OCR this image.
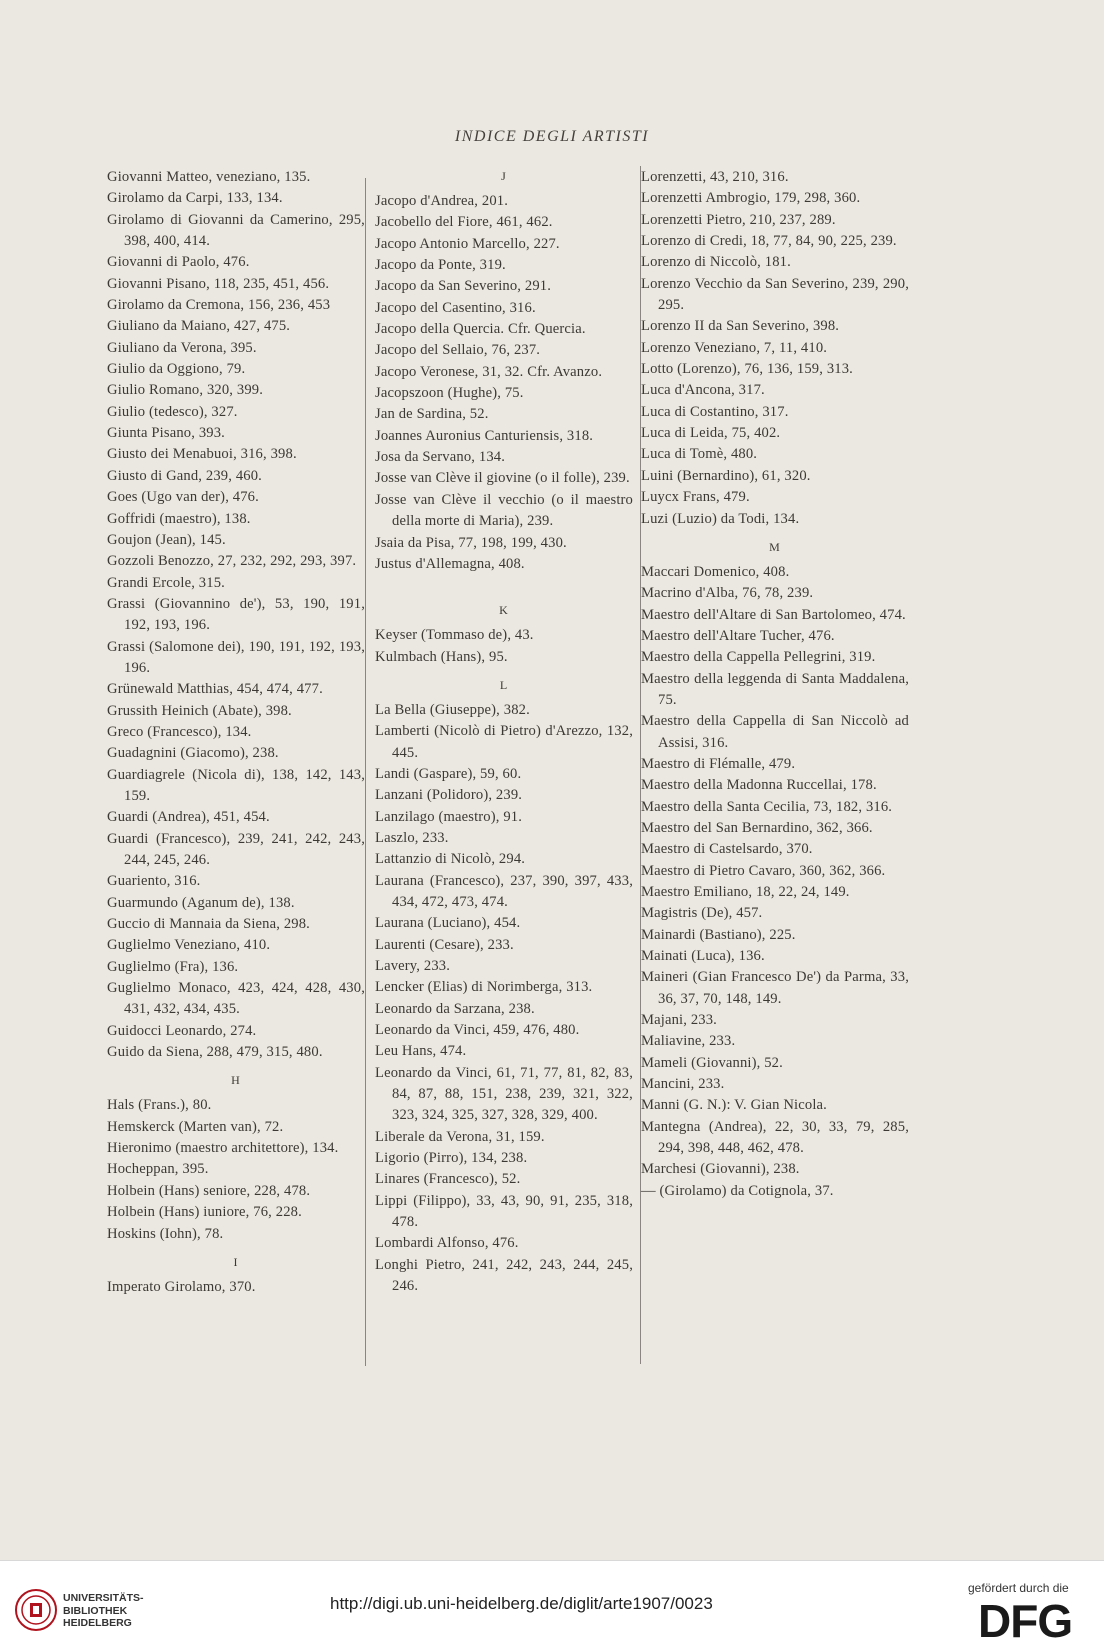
INDICE DEGLI ARTISTI
Giovanni Matteo, veneziano, 135.
Girolamo da Carpi, 133, 134.
Girolamo di Giovanni da Camerino, 295, 398, 400, 414.
Giovanni di Paolo, 476.
Giovanni Pisano, 118, 235, 451, 456.
Girolamo da Cremona, 156, 236, 453
Giuliano da Maiano, 427, 475.
Giuliano da Verona, 395.
Giulio da Oggiono, 79.
Giulio Romano, 320, 399.
Giulio (tedesco), 327.
Giunta Pisano, 393.
Giusto dei Menabuoi, 316, 398.
Giusto di Gand, 239, 460.
Goes (Ugo van der), 476.
Goffridi (maestro), 138.
Goujon (Jean), 145.
Gozzoli Benozzo, 27, 232, 292, 293, 397.
Grandi Ercole, 315.
Grassi (Giovannino de'), 53, 190, 191, 192, 193, 196.
Grassi (Salomone dei), 190, 191, 192, 193, 196.
Grünewald Matthias, 454, 474, 477.
Grussith Heinich (Abate), 398.
Greco (Francesco), 134.
Guadagnini (Giacomo), 238.
Guardiagrele (Nicola di), 138, 142, 143, 159.
Guardi (Andrea), 451, 454.
Guardi (Francesco), 239, 241, 242, 243, 244, 245, 246.
Guariento, 316.
Guarmundo (Aganum de), 138.
Guccio di Mannaia da Siena, 298.
Guglielmo Veneziano, 410.
Guglielmo (Fra), 136.
Guglielmo Monaco, 423, 424, 428, 430, 431, 432, 434, 435.
Guidocci Leonardo, 274.
Guido da Siena, 288, 479, 315, 480.
H
Hals (Frans.), 80.
Hemskerck (Marten van), 72.
Hieronimo (maestro architettore), 134.
Hocheppan, 395.
Holbein (Hans) seniore, 228, 478.
Holbein (Hans) iuniore, 76, 228.
Hoskins (Iohn), 78.
I
Imperato Girolamo, 370.
J
Jacopo d'Andrea, 201.
Jacobello del Fiore, 461, 462.
Jacopo Antonio Marcello, 227.
Jacopo da Ponte, 319.
Jacopo da San Severino, 291.
Jacopo del Casentino, 316.
Jacopo della Quercia. Cfr. Quercia.
Jacopo del Sellaio, 76, 237.
Jacopo Veronese, 31, 32. Cfr. Avanzo.
Jacopszoon (Hughe), 75.
Jan de Sardina, 52.
Joannes Auronius Canturiensis, 318.
Josa da Servano, 134.
Josse van Clève il giovine (o il folle), 239.
Josse van Clève il vecchio (o il maestro della morte di Maria), 239.
Jsaia da Pisa, 77, 198, 199, 430.
Justus d'Allemagna, 408.
K
Keyser (Tommaso de), 43.
Kulmbach (Hans), 95.
L
La Bella (Giuseppe), 382.
Lamberti (Nicolò di Pietro) d'Arezzo, 132, 445.
Landi (Gaspare), 59, 60.
Lanzani (Polidoro), 239.
Lanzilago (maestro), 91.
Laszlo, 233.
Lattanzio di Nicolò, 294.
Laurana (Francesco), 237, 390, 397, 433, 434, 472, 473, 474.
Laurana (Luciano), 454.
Laurenti (Cesare), 233.
Lavery, 233.
Lencker (Elias) di Norimberga, 313.
Leonardo da Sarzana, 238.
Leonardo da Vinci, 459, 476, 480.
Leu Hans, 474.
Leonardo da Vinci, 61, 71, 77, 81, 82, 83, 84, 87, 88, 151, 238, 239, 321, 322, 323, 324, 325, 327, 328, 329, 400.
Liberale da Verona, 31, 159.
Ligorio (Pirro), 134, 238.
Linares (Francesco), 52.
Lippi (Filippo), 33, 43, 90, 91, 235, 318, 478.
Lombardi Alfonso, 476.
Longhi Pietro, 241, 242, 243, 244, 245, 246.
Lorenzetti, 43, 210, 316.
Lorenzetti Ambrogio, 179, 298, 360.
Lorenzetti Pietro, 210, 237, 289.
Lorenzo di Credi, 18, 77, 84, 90, 225, 239.
Lorenzo di Niccolò, 181.
Lorenzo Vecchio da San Severino, 239, 290, 295.
Lorenzo II da San Severino, 398.
Lorenzo Veneziano, 7, 11, 410.
Lotto (Lorenzo), 76, 136, 159, 313.
Luca d'Ancona, 317.
Luca di Costantino, 317.
Luca di Leida, 75, 402.
Luca di Tomè, 480.
Luini (Bernardino), 61, 320.
Luycx Frans, 479.
Luzi (Luzio) da Todi, 134.
M
Maccari Domenico, 408.
Macrino d'Alba, 76, 78, 239.
Maestro dell'Altare di San Bartolomeo, 474.
Maestro dell'Altare Tucher, 476.
Maestro della Cappella Pellegrini, 319.
Maestro della leggenda di Santa Maddalena, 75.
Maestro della Cappella di San Niccolò ad Assisi, 316.
Maestro di Flémalle, 479.
Maestro della Madonna Ruccellai, 178.
Maestro della Santa Cecilia, 73, 182, 316.
Maestro del San Bernardino, 362, 366.
Maestro di Castelsardo, 370.
Maestro di Pietro Cavaro, 360, 362, 366.
Maestro Emiliano, 18, 22, 24, 149.
Magistris (De), 457.
Mainardi (Bastiano), 225.
Mainati (Luca), 136.
Maineri (Gian Francesco De') da Parma, 33, 36, 37, 70, 148, 149.
Majani, 233.
Maliavine, 233.
Mameli (Giovanni), 52.
Mancini, 233.
Manni (G. N.): V. Gian Nicola.
Mantegna (Andrea), 22, 30, 33, 79, 285, 294, 398, 448, 462, 478.
Marchesi (Giovanni), 238.
— (Girolamo) da Cotignola, 37.
UNIVERSITÄTS-
BIBLIOTHEK
HEIDELBERG
http://digi.ub.uni-heidelberg.de/diglit/arte1907/0023
gefördert durch die
DFG
